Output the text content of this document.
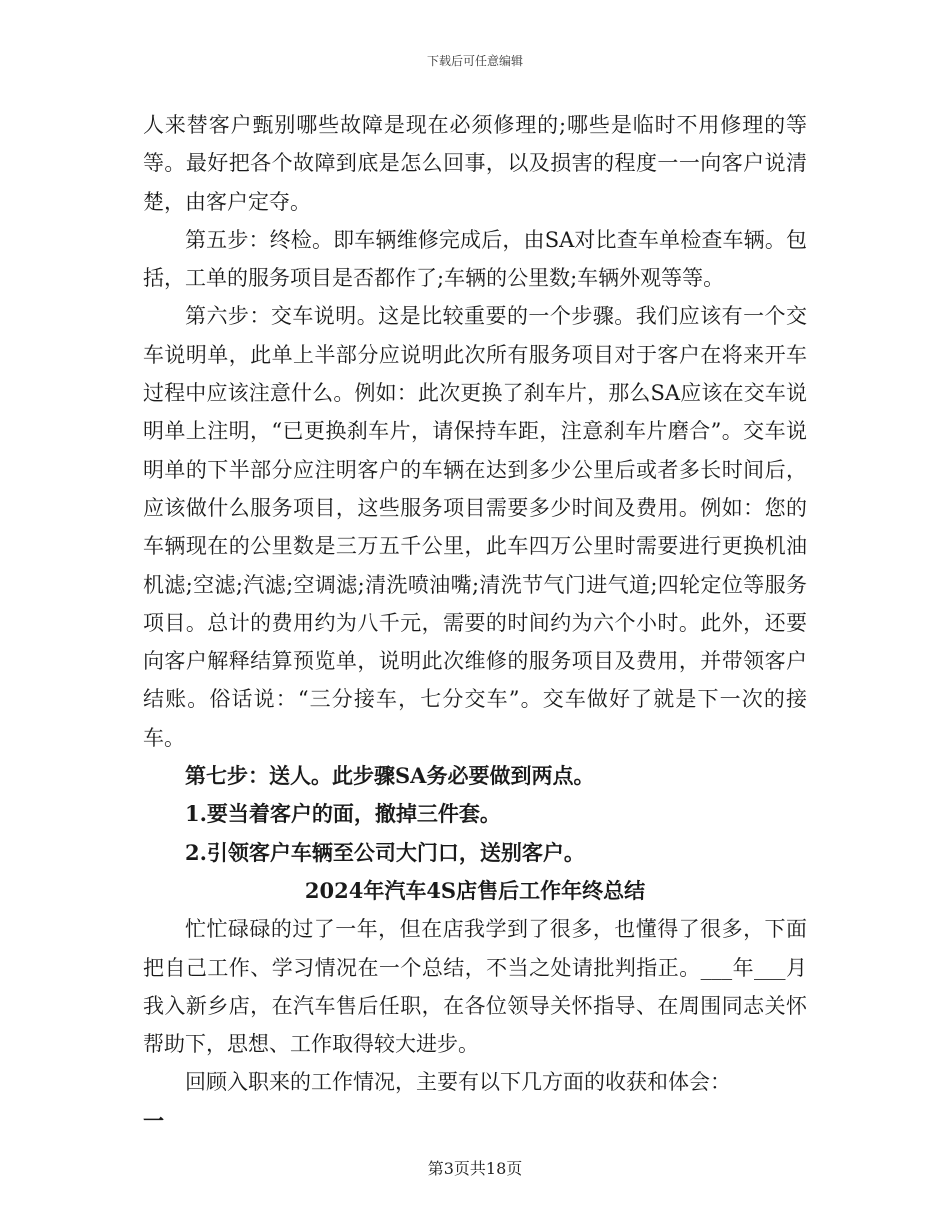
下载后可任意编辑

人来替客户甄别哪些故障是现在必须修理的;哪些是临时不用修理的等等。最好把各个故障到底是怎么回事，以及损害的程度一一向客户说清楚，由客户定夺。

第五步：终检。即车辆维修完成后，由SA对比查车单检查车辆。包括，工单的服务项目是否都作了;车辆的公里数;车辆外观等等。

第六步：交车说明。这是比较重要的一个步骤。我们应该有一个交车说明单，此单上半部分应说明此次所有服务项目对于客户在将来开车过程中应该注意什么。例如：此次更换了刹车片，那么SA应该在交车说明单上注明，“已更换刹车片，请保持车距，注意刹车片磨合”。交车说明单的下半部分应注明客户的车辆在达到多少公里后或者多长时间后，应该做什么服务项目，这些服务项目需要多少时间及费用。例如：您的车辆现在的公里数是三万五千公里，此车四万公里时需要进行更换机油机滤;空滤;汽滤;空调滤;清洗喷油嘴;清洗节气门进气道;四轮定位等服务项目。总计的费用约为八千元，需要的时间约为六个小时。此外，还要向客户解释结算预览单，说明此次维修的服务项目及费用，并带领客户结账。俗话说：“三分接车，七分交车”。交车做好了就是下一次的接车。

第七步：送人。此步骤SA务必要做到两点。

1.要当着客户的面，撤掉三件套。

2.引领客户车辆至公司大门口，送别客户。

2024年汽车4S店售后工作年终总结

忙忙碌碌的过了一年，但在店我学到了很多，也懂得了很多，下面把自己工作、学习情况在一个总结，不当之处请批判指正。___年___月我入新乡店，在汽车售后任职，在各位领导关怀指导、在周围同志关怀帮助下，思想、工作取得较大进步。

回顾入职来的工作情况，主要有以下几方面的收获和体会：

一

第3页共18页
